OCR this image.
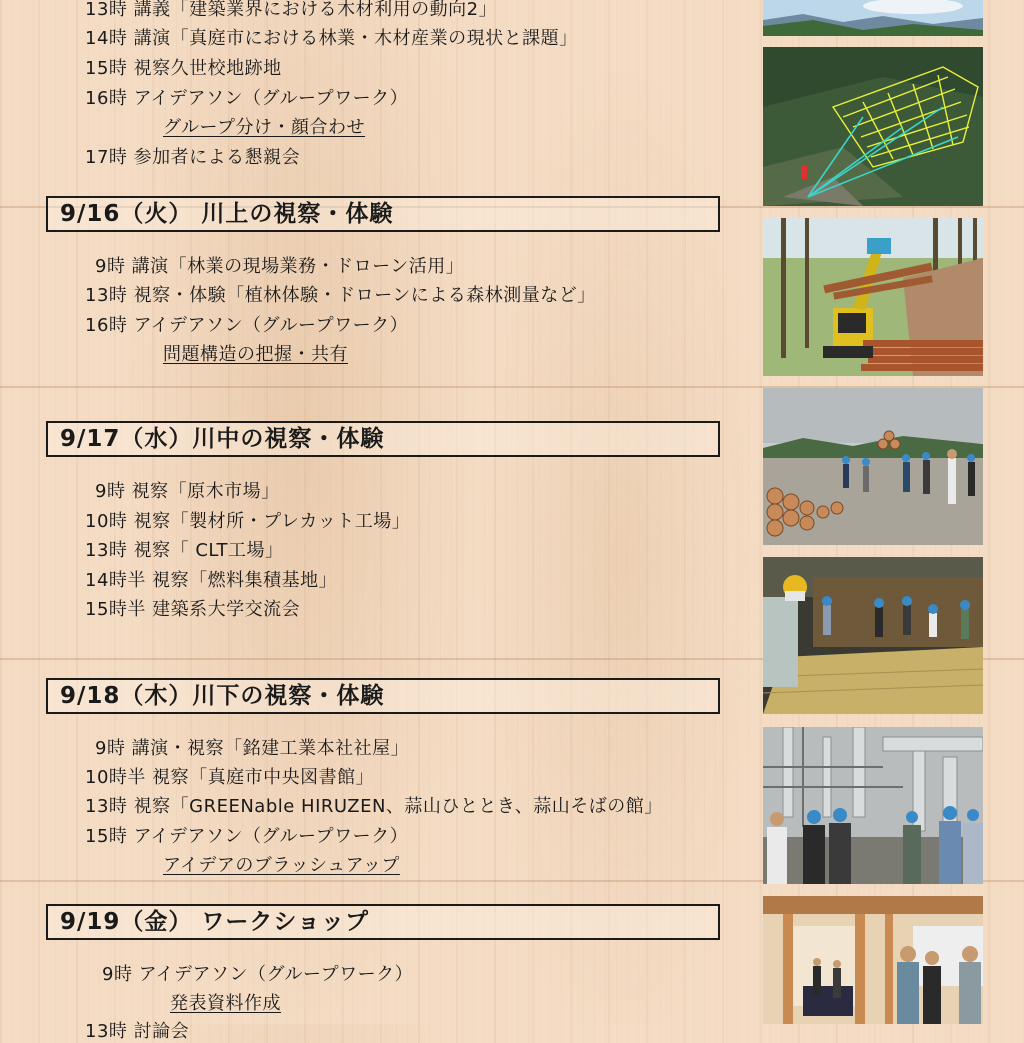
13時 講義「建築業界における木材利用の動向2」
14時 講演「真庭市における林業・木材産業の現状と課題」
15時 視察久世校地跡地
16時 アイデアソン（グループワーク）
グループ分け・顔合わせ
17時 参加者による懇親会
9/16（火） 川上の視察・体験
9時 講演「林業の現場業務・ドローン活用」
13時 視察・体験「植林体験・ドローンによる森林測量など」
16時 アイデアソン（グループワーク）
問題構造の把握・共有
9/17（水）川中の視察・体験
9時 視察「原木市場」
10時 視察「製材所・プレカット工場」
13時 視察「 CLT工場」
14時半 視察「燃料集積基地」
15時半 建築系大学交流会
9/18（木）川下の視察・体験
9時 講演・視察「銘建工業本社社屋」
10時半 視察「真庭市中央図書館」
13時 視察「GREENable HIRUZEN、蒜山ひととき、蒜山そばの館」
15時 アイデアソン（グループワーク）
アイデアのブラッシュアップ
9/19（金） ワークショップ
9時 アイデアソン（グループワーク）
発表資料作成
13時 討論会
